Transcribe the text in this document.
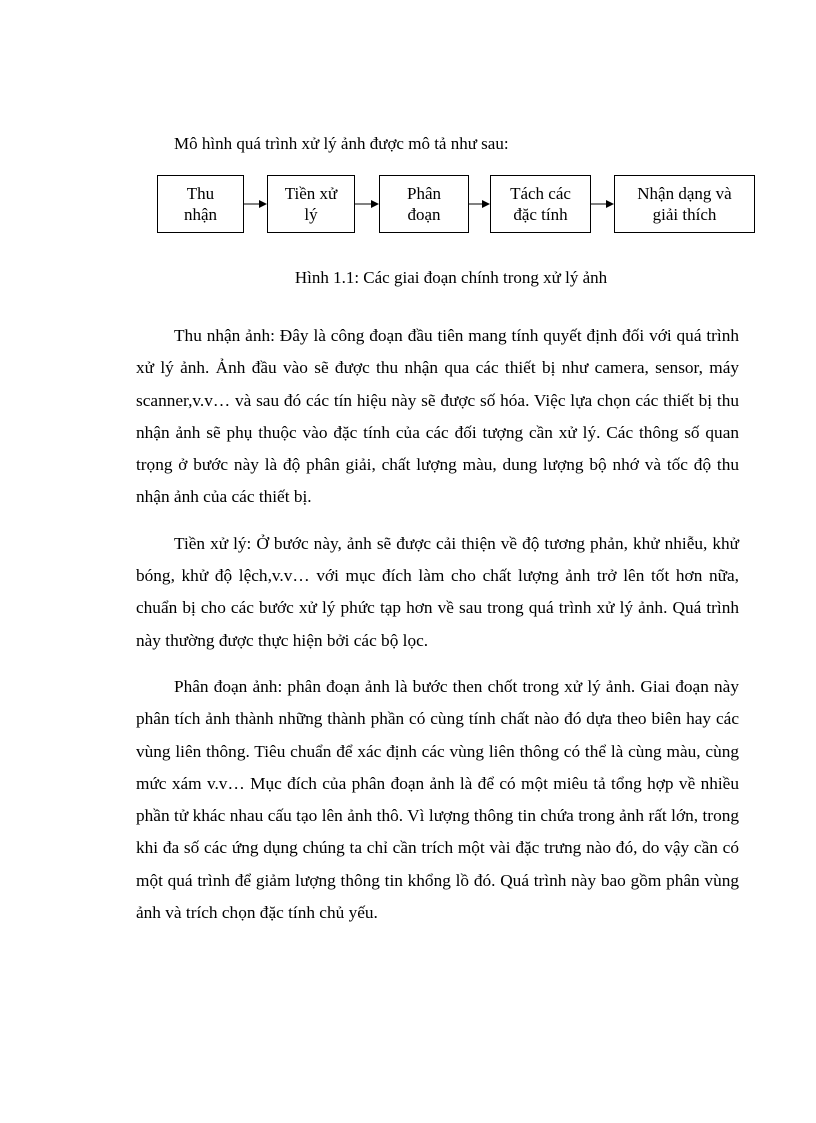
Mô hình quá trình xử lý ảnh được mô tả như sau:

Thu
nhận
Tiền xử
lý
Phân
đoạn
Tách các
đặc tính
Nhận dạng và
giải thích

Hình 1.1: Các giai đoạn chính trong xử lý ảnh

Thu nhận ảnh: Đây là công đoạn đầu tiên mang tính quyết định đối với quá trình xử lý ảnh. Ảnh đầu vào sẽ được thu nhận qua các thiết bị như camera, sensor, máy scanner,v.v… và sau đó các tín hiệu này sẽ được số hóa. Việc lựa chọn các thiết bị thu nhận ảnh sẽ phụ thuộc vào đặc tính của các đối tượng cần xử lý. Các thông số quan trọng ở bước này là độ phân giải, chất lượng màu, dung lượng bộ nhớ và tốc độ thu nhận ảnh của các thiết bị.

Tiền xử lý: Ở bước này, ảnh sẽ được cải thiện về độ tương phản, khử nhiễu, khử bóng, khử độ lệch,v.v… với mục đích làm cho chất lượng ảnh trở lên tốt hơn nữa, chuẩn bị cho các bước xử lý phức tạp hơn về sau trong quá trình xử lý ảnh. Quá trình này thường được thực hiện bởi các bộ lọc.

Phân đoạn ảnh: phân đoạn ảnh là bước then chốt trong xử lý ảnh. Giai đoạn này phân tích ảnh thành những thành phần có cùng tính chất nào đó dựa theo biên hay các vùng liên thông. Tiêu chuẩn để xác định các vùng liên thông có thể là cùng màu, cùng mức xám v.v… Mục đích của phân đoạn ảnh là để có một miêu tả tổng hợp về nhiều phần tử khác nhau cấu tạo lên ảnh thô. Vì lượng thông tin chứa trong ảnh rất lớn, trong khi đa số các ứng dụng chúng ta chỉ cần trích một vài đặc trưng nào đó, do vậy cần có một quá trình để giảm lượng thông tin khổng lồ đó. Quá trình này bao gồm phân vùng ảnh và trích chọn đặc tính chủ yếu.
